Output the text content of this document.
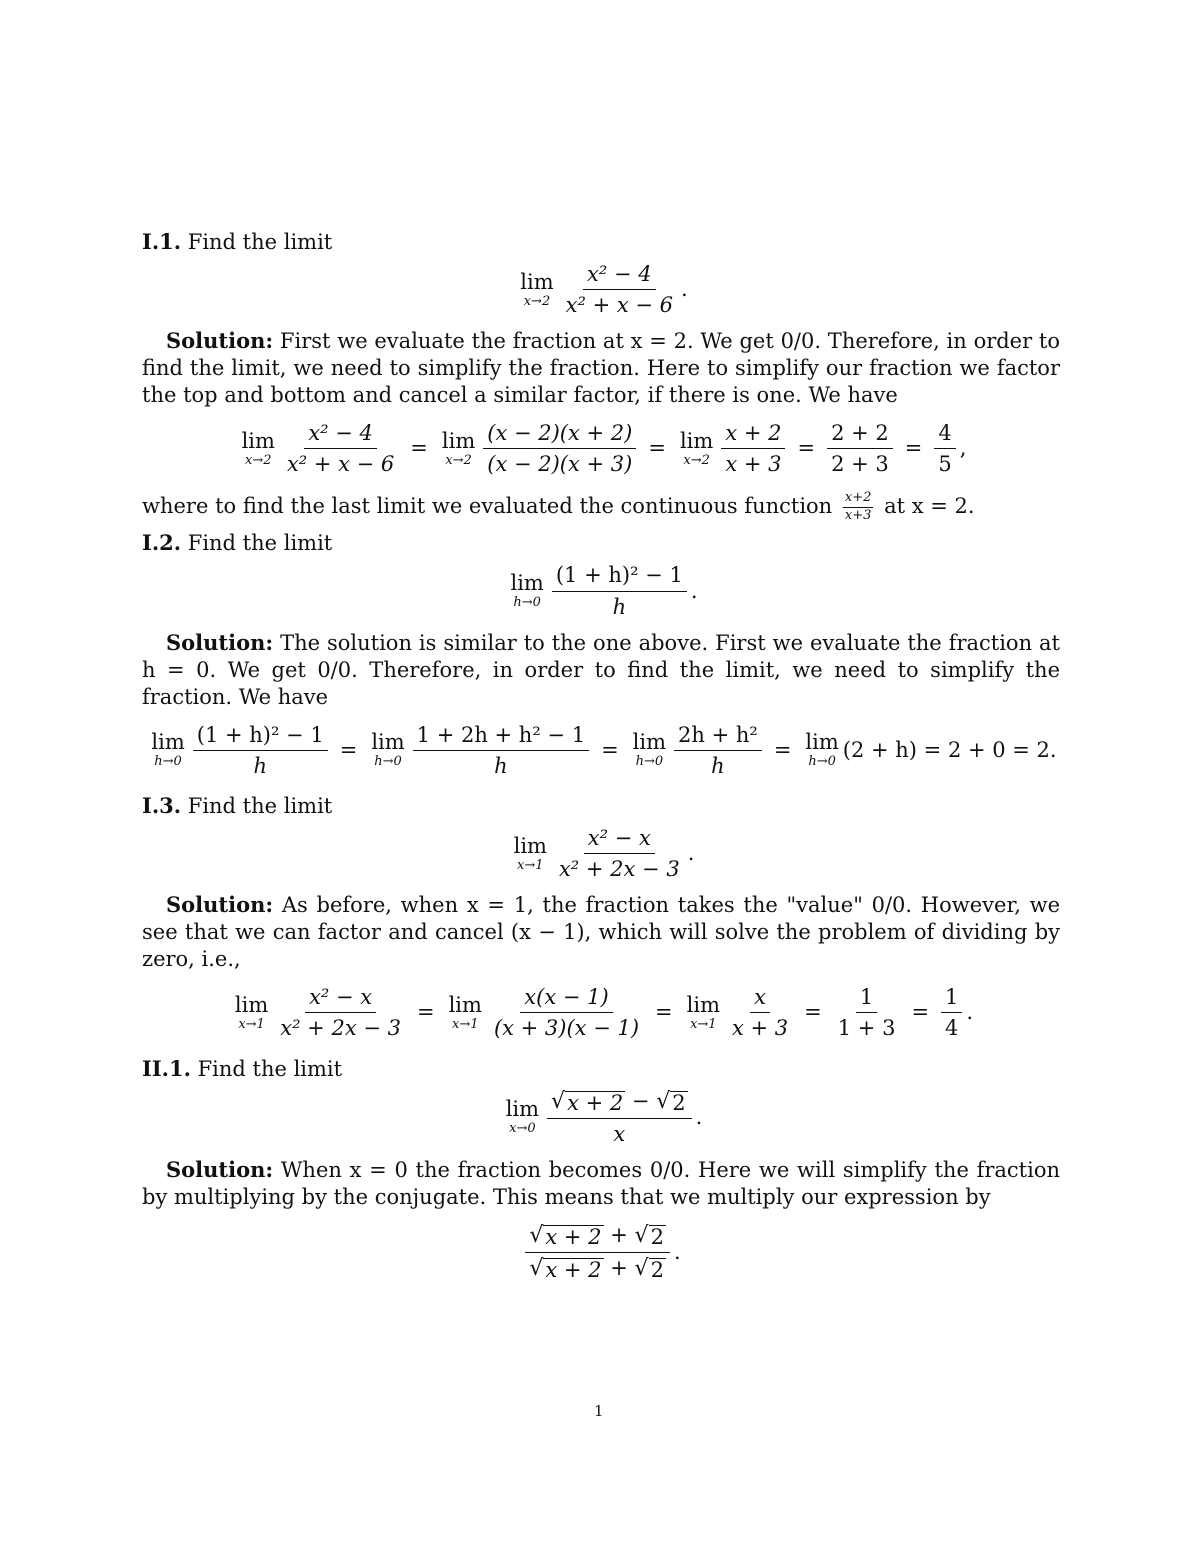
I.1. Find the limit

lim
$x\to 2 \frac{\text{x² − 4}}{\text{x² + x − 6}}$ .

Solution: First we evaluate the fraction at x = 2. We get 0/0. Therefore, in order to find the limit, we need to simplify the fraction. Here to simplify our fraction we factor the top and bottom and cancel a similar factor, if there is one. We have

lim
$x\to 2 \frac{\text{x² − 4}}{\text{x² + x − 6}} = \lim$
$x\to 2 \frac{(x - 2)(x + 2)}{(x - 2)(x + 3)} = \lim$
$x\to 2 \frac{x + 2}{x + 3} = \frac{2 + 2}{2 + 3} = \frac{4}{5}$ ,

where to find the last limit we evaluated the continuous function $\frac{x+2}{x+3}$ at x = 2.

I.2. Find the limit

lim
$h\to 0 \frac{\text{(1 + h)² − 1}}{h}$ .

Solution: The solution is similar to the one above. First we evaluate the fraction at h = 0. We get 0/0. Therefore, in order to find the limit, we need to simplify the fraction. We have

lim
$h\to 0 \frac{\text{(1 + h)² − 1}}{h} = \lim$
$h\to 0 \frac{\text{1 + 2h + h² − 1}}{h} = \lim$
$h\to 0 \frac{\text{2h + h²}}{h} = \lim$
h→0 (2 + h) = 2 + 0 = 2.

I.3. Find the limit

lim
$x\to 1 \frac{\text{x² − x}}{\text{x² + 2x − 3}}$ .

Solution: As before, when x = 1, the fraction takes the "value" 0/0. However, we see that we can factor and cancel (x − 1), which will solve the problem of dividing by zero, i.e.,

lim
$x\to 1 \frac{\text{x² − x}}{\text{x² + 2x − 3}} = \lim$
$x\to 1 \frac{x(x - 1)}{(x + 3)(x - 1)} = \lim$
$x\to 1 \frac{x}{x + 3} = \frac{1}{1 + 3} = \frac{1}{4}$ .

II.1. Find the limit

lim
$x\to 0 \frac{√ x + 2 - √ 2}{x}$ .

Solution: When x = 0 the fraction becomes 0/0. Here we will simplify the fraction by multiplying by the conjugate. This means that we multiply our expression by

$\frac{√ x + 2 + √ 2}{√ x + 2 + √ 2}$ .
1
